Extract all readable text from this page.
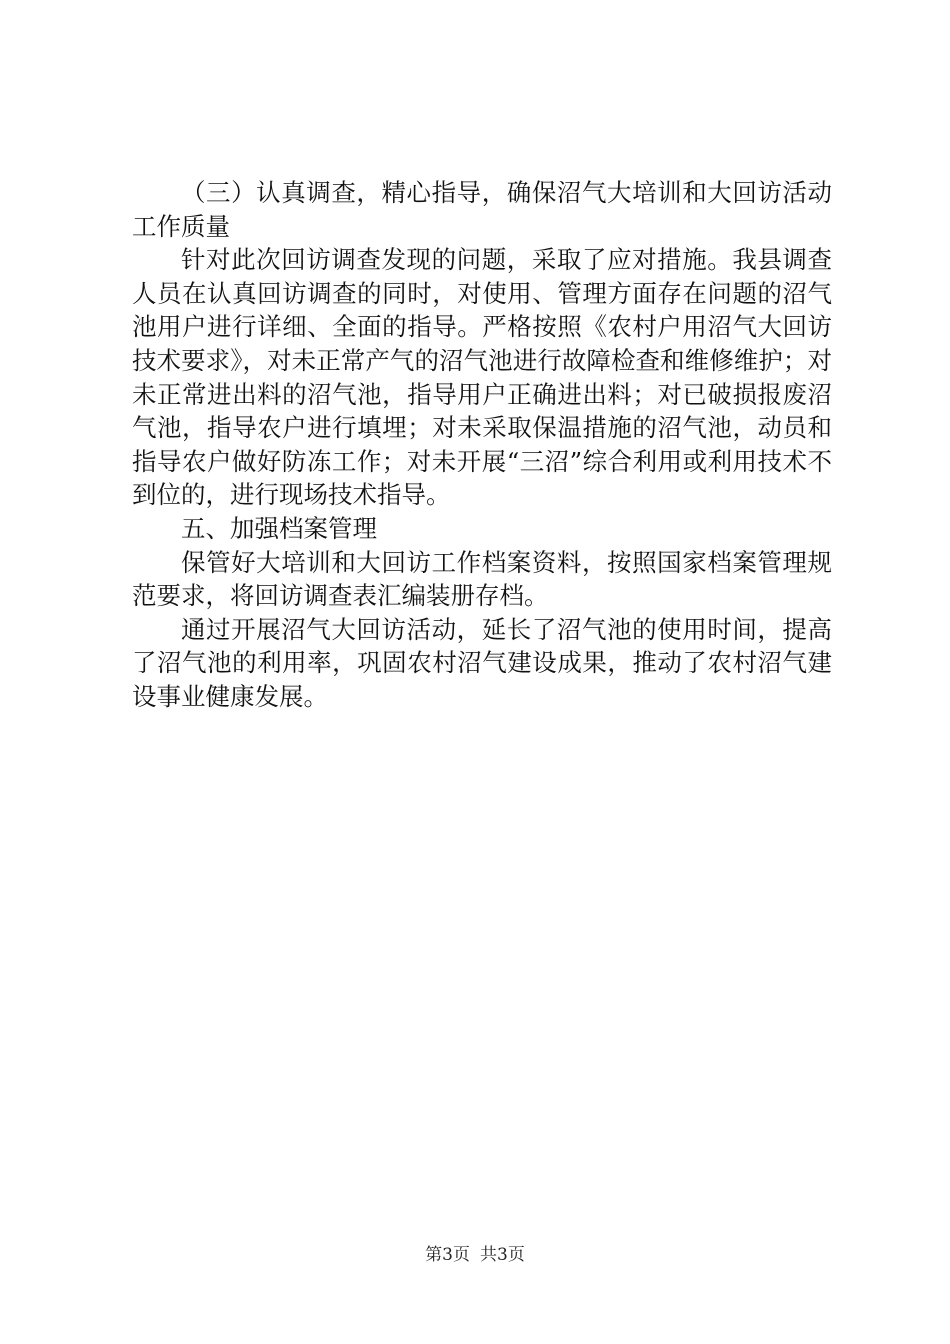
（三）认真调查，精心指导，确保沼气大培训和大回访活动工作质量

针对此次回访调查发现的问题，采取了应对措施。我县调查人员在认真回访调查的同时，对使用、管理方面存在问题的沼气池用户进行详细、全面的指导。严格按照《农村户用沼气大回访技术要求》，对未正常产气的沼气池进行故障检查和维修维护；对未正常进出料的沼气池，指导用户正确进出料；对已破损报废沼气池，指导农户进行填埋；对未采取保温措施的沼气池，动员和指导农户做好防冻工作；对未开展“三沼”综合利用或利用技术不到位的，进行现场技术指导。

五、加强档案管理

保管好大培训和大回访工作档案资料，按照国家档案管理规范要求，将回访调查表汇编装册存档。

通过开展沼气大回访活动，延长了沼气池的使用时间，提高了沼气池的利用率，巩固农村沼气建设成果，推动了农村沼气建设事业健康发展。

第3页 共3页
